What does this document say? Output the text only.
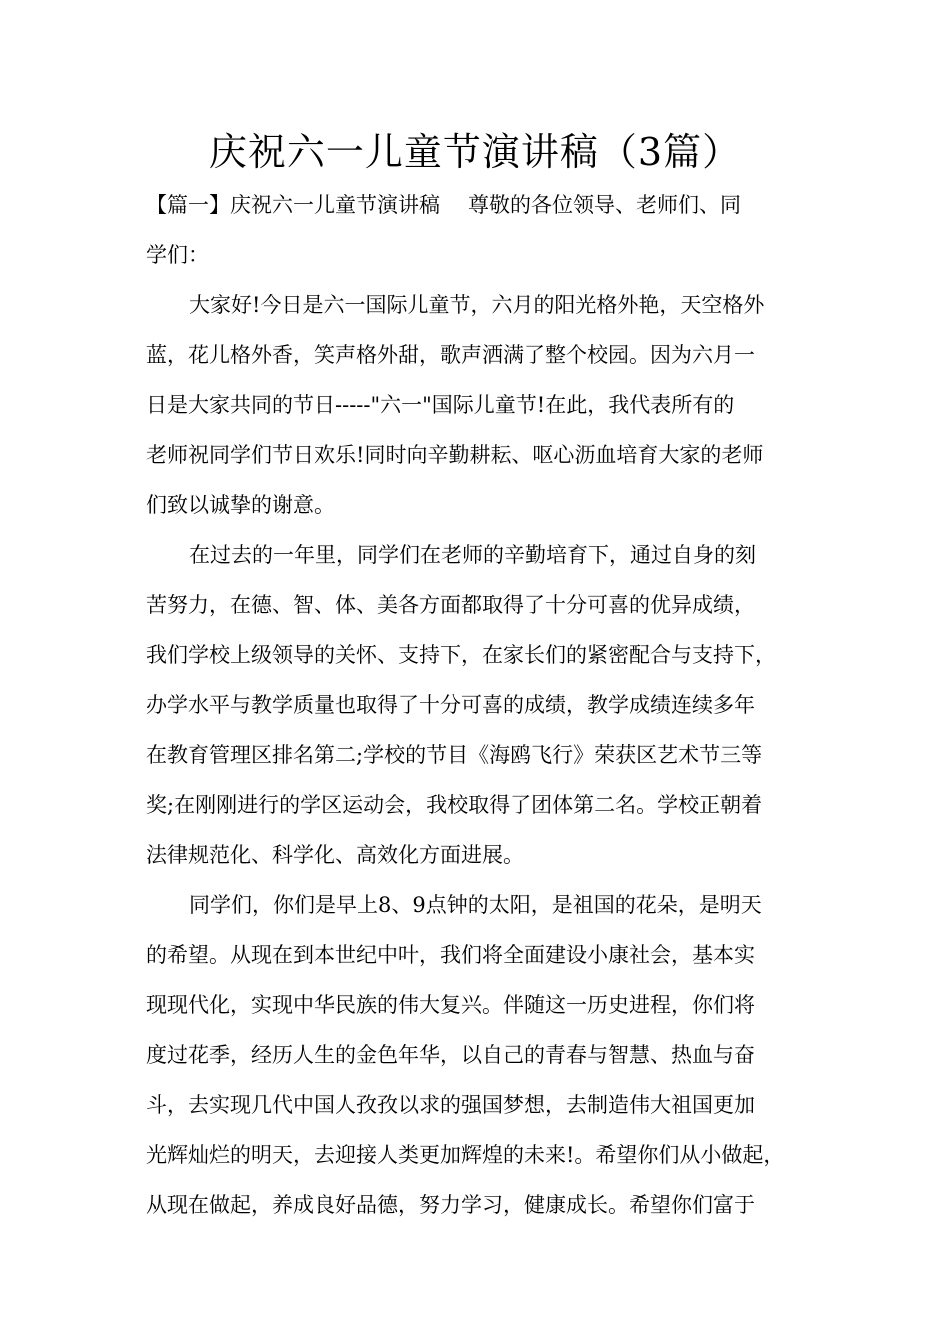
庆祝六一儿童节演讲稿（3篇）
【篇一】庆祝六一儿童节演讲稿 尊敬的各位领导、老师们、同
学们：
大家好!今日是六一国际儿童节，六月的阳光格外艳，天空格外
蓝，花儿格外香，笑声格外甜，歌声洒满了整个校园。因为六月一
日是大家共同的节日-----"六一"国际儿童节!在此，我代表所有的
老师祝同学们节日欢乐!同时向辛勤耕耘、呕心沥血培育大家的老师
们致以诚挚的谢意。
在过去的一年里，同学们在老师的辛勤培育下，通过自身的刻
苦努力，在德、智、体、美各方面都取得了十分可喜的优异成绩，
我们学校上级领导的关怀、支持下，在家长们的紧密配合与支持下，
办学水平与教学质量也取得了十分可喜的成绩，教学成绩连续多年
在教育管理区排名第二;学校的节目《海鸥飞行》荣获区艺术节三等
奖;在刚刚进行的学区运动会，我校取得了团体第二名。学校正朝着
法律规范化、科学化、高效化方面进展。
同学们，你们是早上8、9点钟的太阳，是祖国的花朵，是明天
的希望。从现在到本世纪中叶，我们将全面建设小康社会，基本实
现现代化，实现中华民族的伟大复兴。伴随这一历史进程，你们将
度过花季，经历人生的金色年华，以自己的青春与智慧、热血与奋
斗，去实现几代中国人孜孜以求的强国梦想，去制造伟大祖国更加
光辉灿烂的明天，去迎接人类更加辉煌的未来!。希望你们从小做起，
从现在做起，养成良好品德，努力学习，健康成长。希望你们富于
